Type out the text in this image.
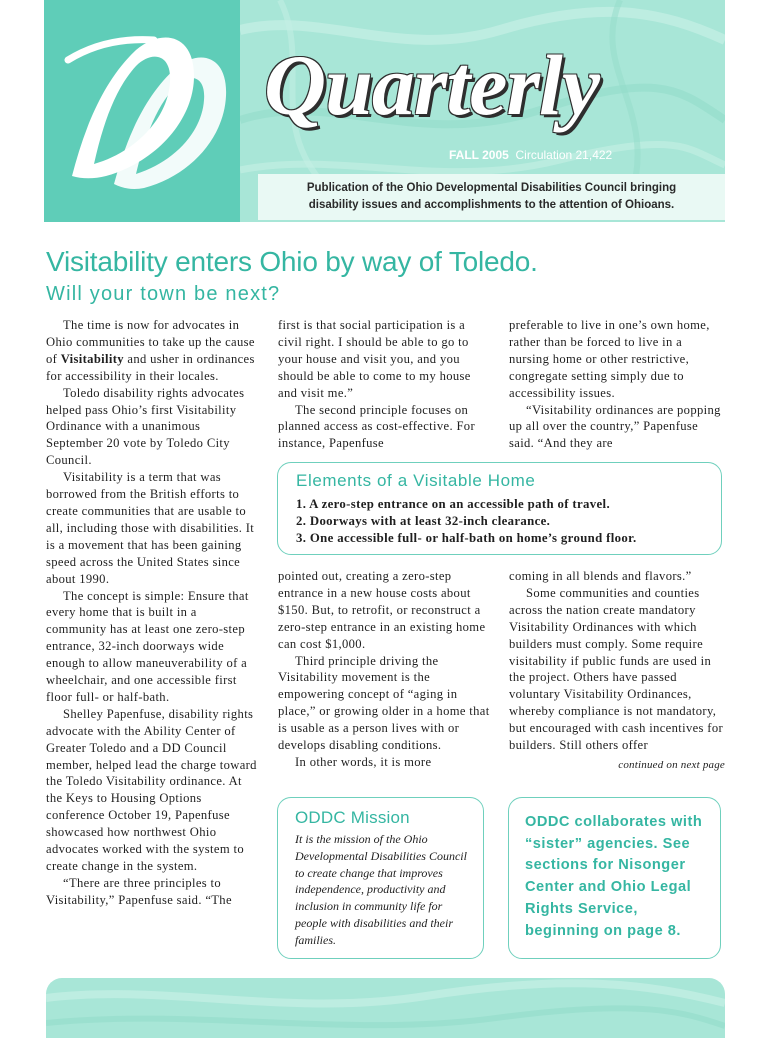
Quarterly
FALL 2005 Circulation 21,422
Publication of the Ohio Developmental Disabilities Council bringing
disability issues and accomplishments to the attention of Ohioans.
Visitability enters Ohio by way of Toledo.
Will your town be next?

The time is now for advocates in Ohio communities to take up the cause of Visitability and usher in ordinances for accessibility in their locales.

Toledo disability rights advocates helped pass Ohio’s first Visitability Ordinance with a unanimous September 20 vote by Toledo City Council.

Visitability is a term that was borrowed from the British efforts to create communities that are usable to all, including those with disabilities. It is a movement that has been gaining speed across the United States since about 1990.

The concept is simple: Ensure that every home that is built in a community has at least one zero-step entrance, 32-inch doorways wide enough to allow maneuverability of a wheelchair, and one accessible first floor full- or half-bath.

Shelley Papenfuse, disability rights advocate with the Ability Center of Greater Toledo and a DD Council member, helped lead the charge toward the Toledo Visitability ordinance. At the Keys to Housing Options conference October 19, Papenfuse showcased how northwest Ohio advocates worked with the system to create change in the system.

“There are three principles to Visitability,” Papenfuse said. “The

first is that social participation is a civil right. I should be able to go to your house and visit you, and you should be able to come to my house and visit me.”

The second principle focuses on planned access as cost-effective. For instance, Papenfuse

preferable to live in one’s own home, rather than be forced to live in a nursing home or other restrictive, congregate setting simply due to accessibility issues.

“Visitability ordinances are popping up all over the country,” Papenfuse said. “And they are

Elements of a Visitable Home
1. A zero-step entrance on an accessible path of travel.
2. Doorways with at least 32-inch clearance.
3. One accessible full- or half-bath on home’s ground floor.

pointed out, creating a zero-step entrance in a new house costs about $150. But, to retrofit, or reconstruct a zero-step entrance in an existing home can cost $1,000.

Third principle driving the Visitability movement is the empowering concept of “aging in place,” or growing older in a home that is usable as a person lives with or develops disabling conditions.

In other words, it is more

coming in all blends and flavors.”

Some communities and counties across the nation create mandatory Visitability Ordinances with which builders must comply. Some require visitability if public funds are used in the project. Others have passed voluntary Visitability Ordinances, whereby compliance is not mandatory, but encouraged with cash incentives for builders. Still others offer

continued on next page
ODDC Mission
It is the mission of the Ohio Developmental Disabilities Council to create change that improves independence, productivity and inclusion in community life for people with disabilities and their families.
ODDC collaborates with “sister” agencies. See sections for Nisonger Center and Ohio Legal Rights Service, beginning on page 8.
